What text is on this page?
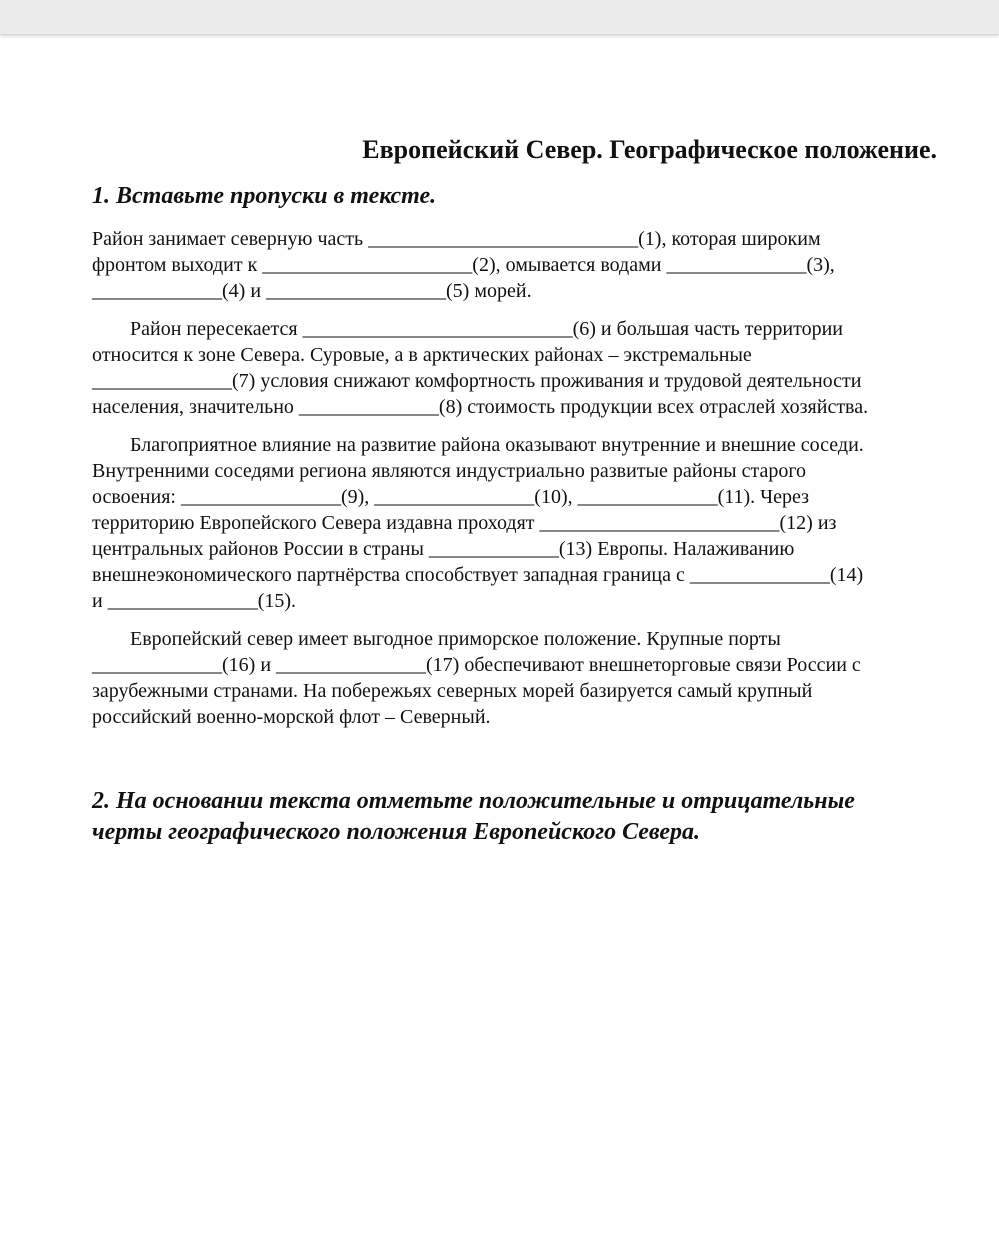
Европейский Север. Географическое положение.
1. Вставьте пропуски в тексте.

Район занимает северную часть ___________________________(1), которая широким
фронтом выходит к _____________________(2), омывается водами ______________(3),
_____________(4) и __________________(5) морей.

Район пересекается ___________________________(6) и большая часть территории
относится к зоне Севера. Суровые, а в арктических районах – экстремальные
______________(7) условия снижают комфортность проживания и трудовой деятельности
населения, значительно ______________(8) стоимость продукции всех отраслей хозяйства.

Благоприятное влияние на развитие района оказывают внутренние и внешние соседи.
Внутренними соседями региона являются индустриально развитые районы старого
освоения: ________________(9), ________________(10), ______________(11). Через
территорию Европейского Севера издавна проходят ________________________(12) из
центральных районов России в страны _____________(13) Европы. Налаживанию
внешнеэкономического партнёрства способствует западная граница с ______________(14)
и _______________(15).

Европейский север имеет выгодное приморское положение. Крупные порты
_____________(16) и _______________(17) обеспечивают внешнеторговые связи России с
зарубежными странами. На побережьях северных морей базируется самый крупный
российский военно-морской флот – Северный.

2. На основании текста отметьте положительные и отрицательные
черты географического положения Европейского Севера.
